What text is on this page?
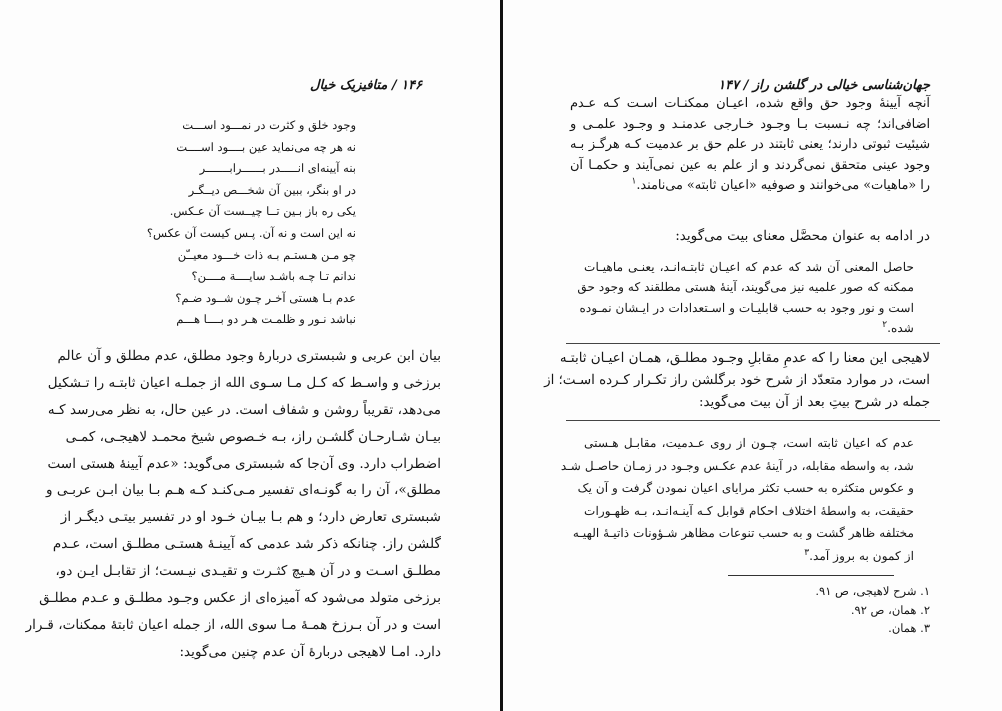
۱۴۶ / متافیزیک خیال
وجود خلق و کثرت در نمـــود اســـت
نه هر چه می‌نماید عین بــــود اســــت
بنه آیینه‌ای انـــــدر بــــــرابـــــــر
در او بنگر، ببین آن شخـــص دیــگـر
یکی ره باز بـین تــا چیــست آن عـکس.
نه این است و نه آن. پـس کیست آن عکس؟
چو مـن هـستـم بـه ذات خـــود معیــّن
ندانم تـا چـه باشـد سایــــة مــــن؟
عدم بـا هستی آخـر چـون شــود ضـم؟
نباشد نـور و ظلمـت هـر دو بــــا هـــم
بیان ابن عربی و شبستری دربارهٔ وجود مطلق، عدم مطلق و آن عالم
برزخی و واسـط که کـل مـا سـوی الله از جملـه اعیان ثابتـه را تـشکیل
می‌دهد، تقریباً روشن و شفاف است. در عین حال، به نظر می‌رسد کـه
بیـان شـارحـان گلشـن راز، بـه خـصوص شیخ محمـد لاهیجـی، کمـی
اضطراب دارد. وی آن‌جا که شبستری می‌گوید: «عدم آیینهٔ هستی است
مطلق»، آن را به گونـه‌ای تفسیر مـی‌کنـد کـه هـم بـا بیان ابـن عربـی و
شبستری تعارض دارد؛ و هم بـا بیـان خـود او در تفسیر بیتـی دیگـر از
گلشن راز. چنانکه ذکر شد عدمی که آیینـهٔ هستـی مطلـق است، عـدم
مطلـق اسـت و در آن هـیچ کثـرت و تقیـدی نیـست؛ از تقابـل ایـن دو،
برزخی متولد می‌شود که آمیزه‌ای از عکس وجـود مطلـق و عـدم مطلـق
است و در آن بـرزخ همـهٔ مـا سوی الله، از جمله اعیان ثابتهٔ ممکنات، قـرار
دارد. امـا لاهیجی دربارهٔ آن عدم چنین می‌گوید:
جهان‌شناسی خیالی در گلشن راز / ۱۴۷
آنچه آیینهٔ وجود حق واقع شده، اعیـان ممکنـات اسـت کـه عـدم
اضافی‌اند؛ چه نـسبت بـا وجـود خـارجی عدمنـد و وجـود علمـی و
شیئیت ثبوتی دارند؛ یعنی ثابتند در علم حق بر عدمیت کـه هرگـز بـه
وجود عینی متحقق نمی‌گردند و از علم به عین نمی‌آیند و حکمـا آن
را «ماهیات» می‌خوانند و صوفیه «اعیان ثابته» می‌نامند.$^۱$
در ادامه به عنوان محصَّل معنای بیت می‌گوید:
حاصل المعنی آن شد که عدم که اعیـان ثابتـه‌انـد، یعنـی ماهیـات
ممکنه که صور علمیه نیز می‌گویند، آینهٔ هستی مطلقند که وجود حق
است و نور وجود به حسب قابلیـات و اسـتعدادات در ایـشان نمـوده
شده.$^۲$
لاهیجی این معنا را که عدمِ مقابلِ وجـود مطلـق، همـان اعیـان ثابتـه
است، در موارد متعدّد از شرح خود برگلشن راز تکـرار کـرده اسـت؛ از
جمله در شرح بیتِ بعد از آن بیت می‌گوید:
عدم که اعیان ثابته است، چـون از روی عـدمیت، مقابـل هـستی
شد، به واسطه مقابله، در آینهٔ عدم عکـس وجـود در زمـان حاصـل شـد
و عکوس متکثره به حسب تکثر مرایای اعیان نمودن گرفت و آن یک
حقیقت، به واسطهٔ اختلاف احکام قوابل کـه آینـه‌انـد، بـه ظهـورات
مختلفه ظاهر گشت و به حسب تنوعات مظاهر شـؤونات ذاتیـهٔ الهیـه
از کمون به بروز آمد.$^۳$
۱. شرح لاهیجی، ص ۹۱.
۲. همان، ص ۹۲.
۳. همان.
